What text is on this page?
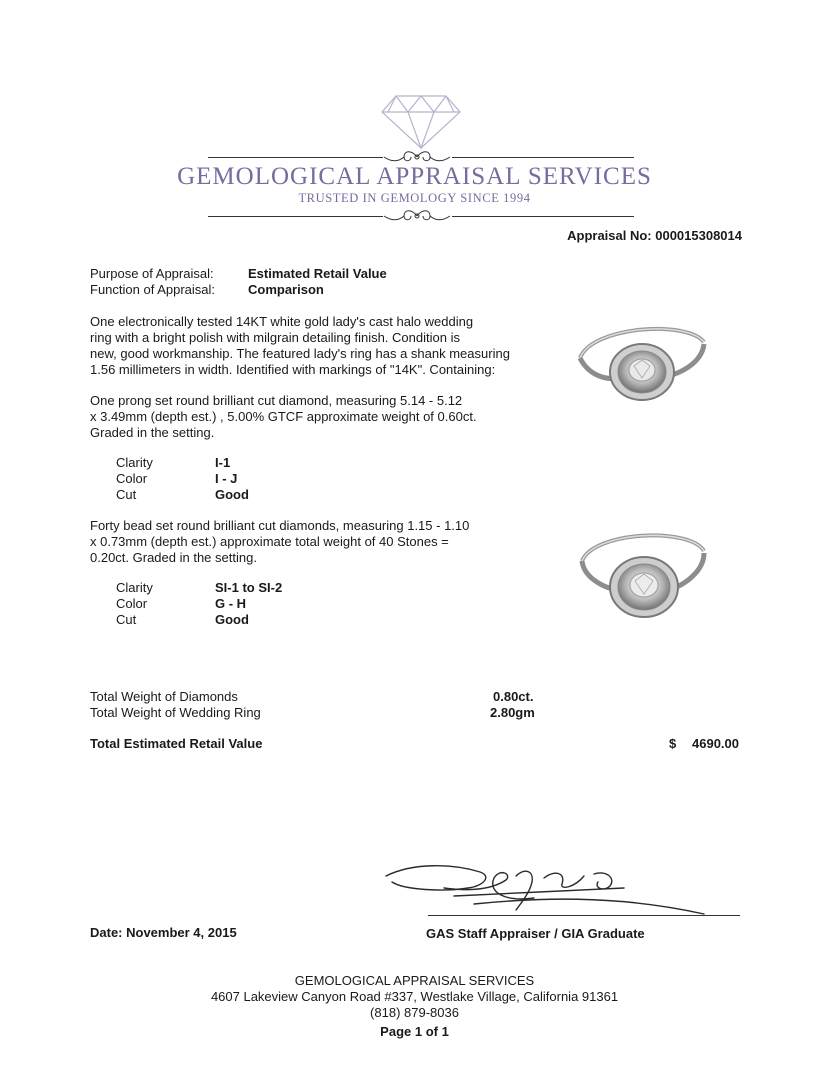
GEMOLOGICAL APPRAISAL SERVICES
TRUSTED IN GEMOLOGY SINCE 1994
Appraisal No: 000015308014
Purpose of Appraisal:	Estimated Retail Value
Function of Appraisal:	Comparison
One electronically tested 14KT white gold lady's cast halo wedding
ring with a bright polish with milgrain detailing finish. Condition is
new, good workmanship. The featured lady's ring has a shank measuring
1.56 millimeters in width. Identified with markings of "14K". Containing:
One prong set round brilliant cut diamond, measuring 5.14 - 5.12
x 3.49mm (depth est.) , 5.00% GTCF approximate weight of 0.60ct.
Graded in the setting.
Clarity	I-1
Color	I - J
Cut	Good
Forty bead set round brilliant cut diamonds, measuring 1.15 - 1.10
x 0.73mm (depth est.) approximate total weight of 40 Stones =
0.20ct. Graded in the setting.
Clarity	SI-1 to SI-2
Color	G - H
Cut	Good
Total Weight of Diamonds	0.80ct.
Total Weight of Wedding Ring	2.80gm
Total Estimated Retail Value	$ 4690.00
Date: November 4, 2015	GAS Staff Appraiser / GIA Graduate
GEMOLOGICAL APPRAISAL SERVICES
4607 Lakeview Canyon Road #337, Westlake Village, California 91361
(818) 879-8036
Page 1 of 1
